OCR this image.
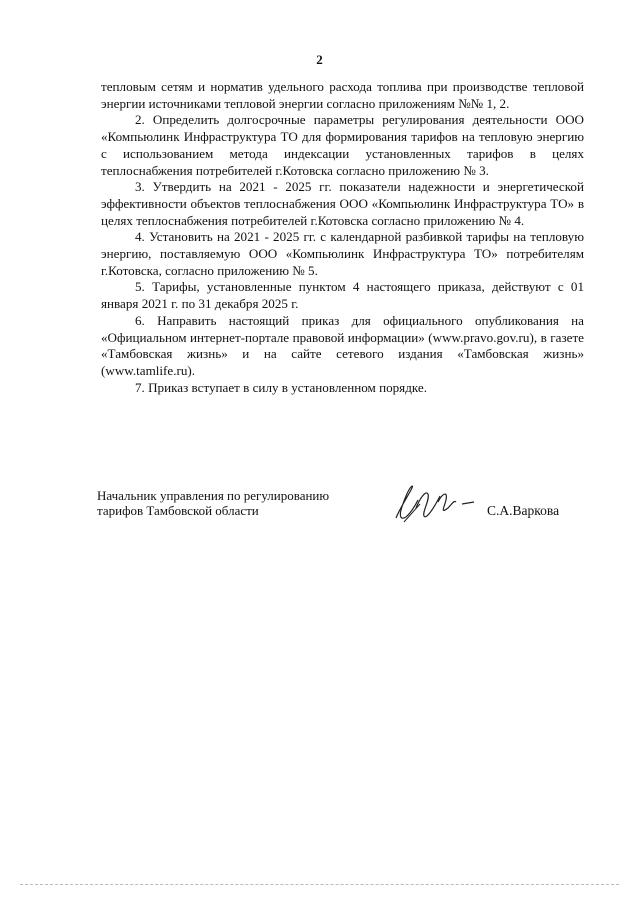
2

тепловым сетям и норматив удельного расхода топлива при производстве тепловой энергии источниками тепловой энергии согласно приложениям №№ 1, 2.

2. Определить долгосрочные параметры регулирования деятельности ООО «Компьюлинк Инфраструктура ТО для формирования тарифов на тепловую энергию с использованием метода индексации установленных тарифов в целях теплоснабжения потребителей г.Котовска согласно приложению № 3.

3. Утвердить на 2021 - 2025 гг. показатели надежности и энергетической эффективности объектов теплоснабжения ООО «Компьюлинк Инфраструктура ТО» в целях теплоснабжения потребителей г.Котовска согласно приложению № 4.

4. Установить на 2021 - 2025 гг. с календарной разбивкой тарифы на тепловую энергию, поставляемую ООО «Компьюлинк Инфраструктура ТО» потребителям г.Котовска, согласно приложению № 5.

5. Тарифы, установленные пунктом 4 настоящего приказа, действуют с 01 января 2021 г. по 31 декабря 2025 г.

6. Направить настоящий приказ для официального опубликования на «Официальном интернет-портале правовой информации» (www.pravo.gov.ru), в газете «Тамбовская жизнь» и на сайте сетевого издания «Тамбовская жизнь» (www.tamlife.ru).

7. Приказ вступает в силу в установленном порядке.

Начальник управления по регулированию
тарифов Тамбовской области	С.А.Варкова
